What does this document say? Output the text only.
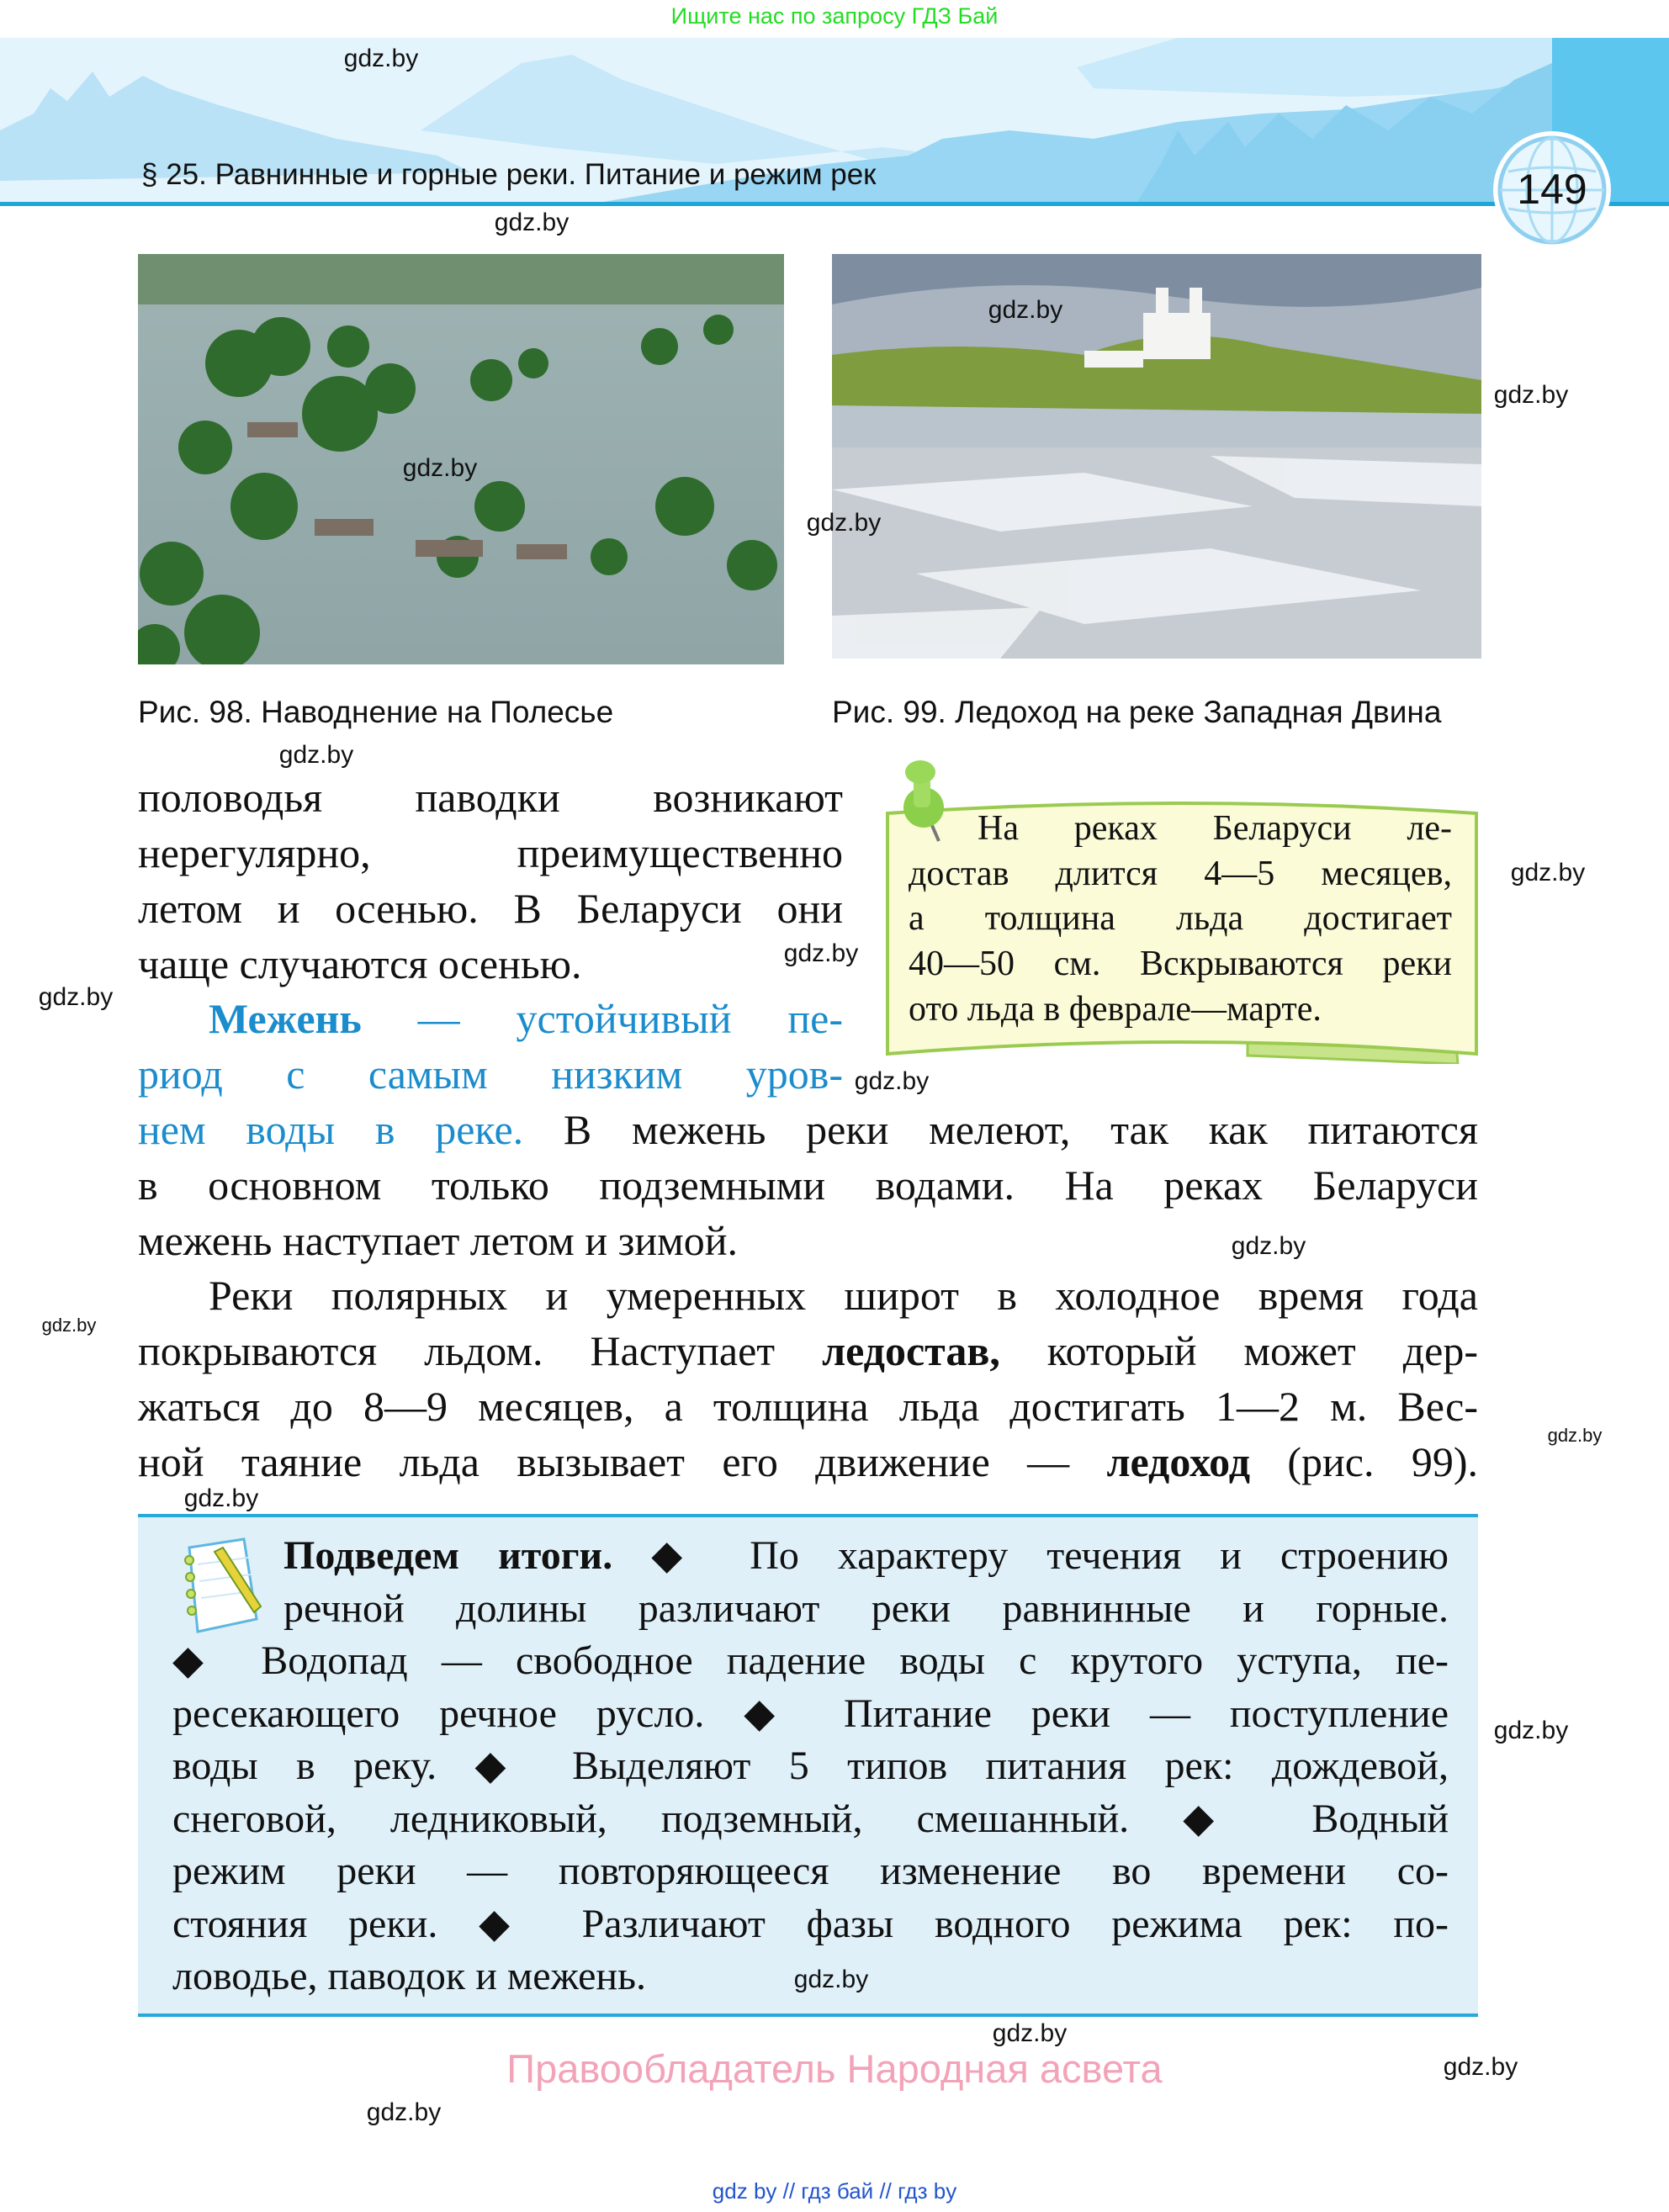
Ищите нас по запросу ГДЗ Бай
§ 25. Равнинные и горные реки. Питание и режим рек	149
Рис. 98. Наводнение на Полесье	Рис. 99. Ледоход на реке Западная Двина
половодья паводки возникают
нерегулярно, преимущественно
летом и осенью. В Беларуси они
чаще случаются осенью.
Межень — устойчивый пе-
риод с самым низким уров-
нем воды в реке. В межень реки мелеют, так как питаются
в основном только подземными водами. На реках Беларуси
межень наступает летом и зимой.
Реки полярных и умеренных широт в холодное время года
покрываются льдом. Наступает ледостав, который может дер-
жаться до 8—9 месяцев, а толщина льда достигать 1—2 м. Вес-
ной таяние льда вызывает его движение — ледоход (рис. 99).
На реках Беларуси ле-
достав длится 4—5 месяцев,
а толщина льда достигает
40—50 см. Вскрываются реки
ото льда в феврале—марте.
Подведем итоги. ◆ По характеру течения и строению
речной долины различают реки равнинные и горные.
◆ Водопад — свободное падение воды с крутого уступа, пе-
ресекающего речное русло. ◆ Питание реки — поступление
воды в реку. ◆ Выделяют 5 типов питания рек: дождевой,
снеговой, ледниковый, подземный, смешанный. ◆ Водный
режим реки — повторяющееся изменение во времени со-
стояния реки. ◆ Различают фазы водного режима рек: по-
ловодье, паводок и межень.
Правообладатель Народная асвета
gdz by // гдз бай // гдз by
gdz.by
gdz.by
gdz.by
gdz.by
gdz.by
gdz.by
gdz.by
gdz.by
gdz.by
gdz.by
gdz.by
gdz.by
gdz.by
gdz.by
gdz.by
gdz.by
gdz.by
gdz.by
gdz.by
gdz.by
